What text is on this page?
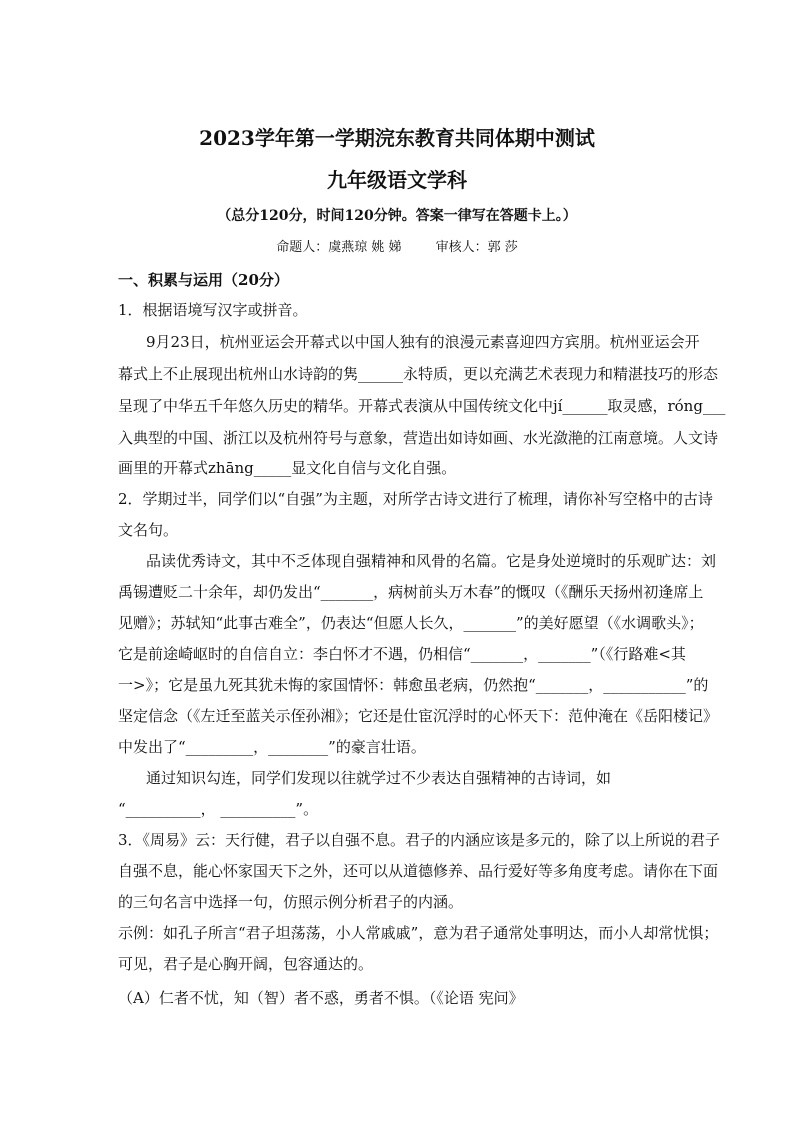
2023学年第一学期浣东教育共同体期中测试
九年级语文学科
（总分120分，时间120分钟。答案一律写在答题卡上。）
命题人：虞燕琼 姚 娣	审核人：郭 莎
一、积累与运用（20分）
1．根据语境写汉字或拼音。
9月23日，杭州亚运会开幕式以中国人独有的浪漫元素喜迎四方宾朋。杭州亚运会开
幕式上不止展现出杭州山水诗韵的隽______永特质，更以充满艺术表现力和精湛技巧的形态
呈现了中华五千年悠久历史的精华。开幕式表演从中国传统文化中jí______取灵感，róng___
入典型的中国、浙江以及杭州符号与意象，营造出如诗如画、水光潋滟的江南意境。人文诗
画里的开幕式zhāng_____显文化自信与文化自强。
2．学期过半，同学们以“自强”为主题，对所学古诗文进行了梳理，请你补写空格中的古诗
文名句。
品读优秀诗文，其中不乏体现自强精神和风骨的名篇。它是身处逆境时的乐观旷达：刘
禹锡遭贬二十余年，却仍发出“_______，病树前头万木春”的慨叹（《酬乐天扬州初逢席上
见赠》；苏轼知“此事古难全”，仍表达“但愿人长久，_______”的美好愿望（《水调歌头》；
它是前途崎岖时的自信自立：李白怀才不遇，仍相信“_______，_______”（《行路难<其
一>》；它是虽九死其犹未悔的家国情怀：韩愈虽老病，仍然抱“_______，___________”的
坚定信念（《左迁至蓝关示侄孙湘》；它还是仕宦沉浮时的心怀天下：范仲淹在《岳阳楼记》
中发出了“_________，________”的豪言壮语。
通过知识勾连，同学们发现以往就学过不少表达自强精神的古诗词，如
“__________， __________”。
3．《周易》云：天行健，君子以自强不息。君子的内涵应该是多元的，除了以上所说的君子
自强不息，能心怀家国天下之外，还可以从道德修养、品行爱好等多角度考虑。请你在下面
的三句名言中选择一句，仿照示例分析君子的内涵。
示例：如孔子所言“君子坦荡荡，小人常戚戚”，意为君子通常处事明达，而小人却常忧惧；
可见，君子是心胸开阔，包容通达的。
（A）仁者不忧，知（智）者不惑，勇者不惧。（《论语 宪问》
